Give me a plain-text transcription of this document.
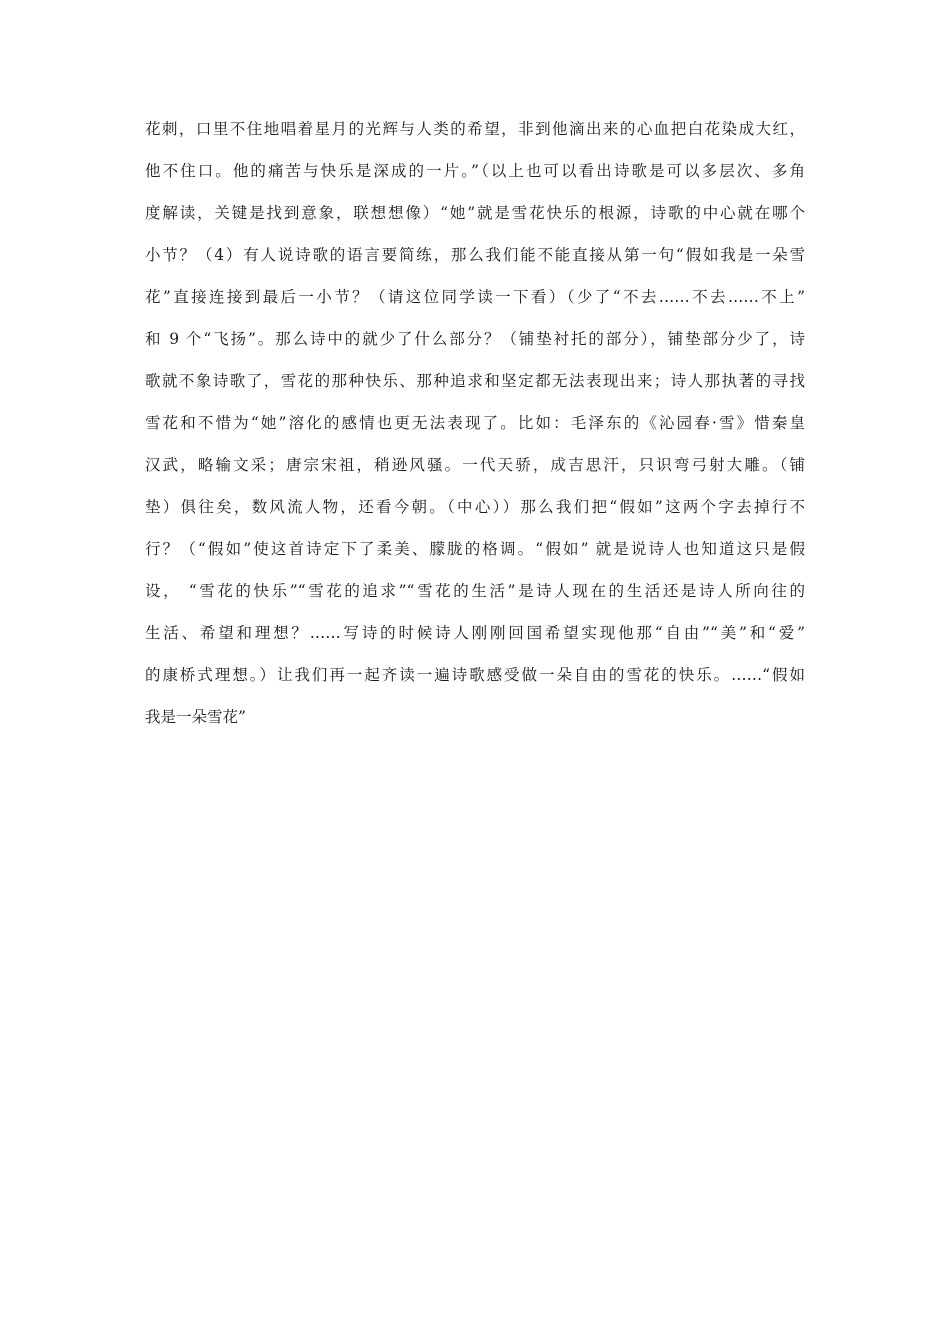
花刺，口里不住地唱着星月的光辉与人类的希望，非到他滴出来的心血把白花染成大红，
他不住口。他的痛苦与快乐是深成的一片。”（以上也可以看出诗歌是可以多层次、多角
度解读，关键是找到意象，联想想像）“她”就是雪花快乐的根源，诗歌的中心就在哪个
小节？（4）有人说诗歌的语言要简练，那么我们能不能直接从第一句“假如我是一朵雪
花”直接连接到最后一小节？（请这位同学读一下看）（少了“不去……不去……不上”
和 9 个“飞扬”。那么诗中的就少了什么部分？（铺垫衬托的部分），铺垫部分少了，诗
歌就不象诗歌了，雪花的那种快乐、那种追求和坚定都无法表现出来；诗人那执著的寻找
雪花和不惜为“她”溶化的感情也更无法表现了。比如：毛泽东的《沁园春·雪》惜秦皇
汉武，略输文采；唐宗宋祖，稍逊风骚。一代天骄，成吉思汗，只识弯弓射大雕。（铺
垫）俱往矣，数风流人物，还看今朝。（中心））那么我们把“假如”这两个字去掉行不
行？（“假如”使这首诗定下了柔美、朦胧的格调。“假如” 就是说诗人也知道这只是假
设， “雪花的快乐”“雪花的追求”“雪花的生活”是诗人现在的生活还是诗人所向往的
生活、希望和理想？……写诗的时候诗人刚刚回国希望实现他那“自由”“美”和“爱”
的康桥式理想。）让我们再一起齐读一遍诗歌感受做一朵自由的雪花的快乐。……“假如
我是一朵雪花”
